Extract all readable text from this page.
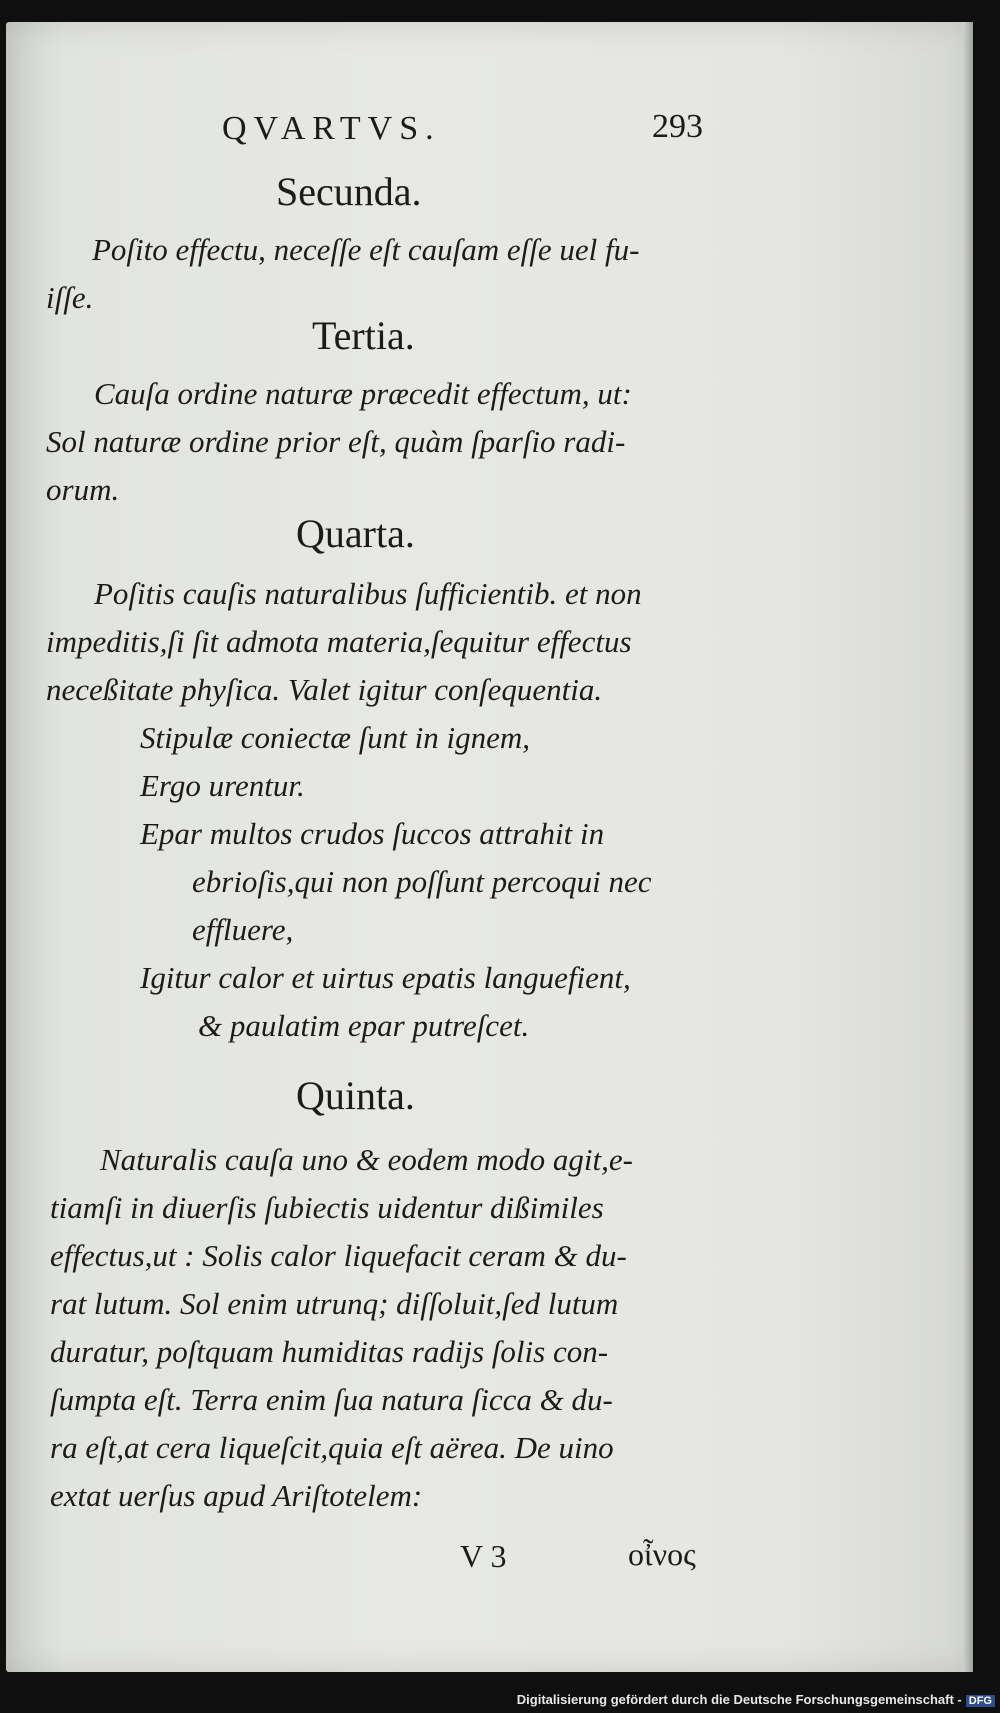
QVARTVS.	293
Secunda.
Poſito effectu, neceſſe eſt cauſam eſſe uel fu-
iſſe.
Tertia.
Cauſa ordine naturæ præcedit effectum, ut:
Sol naturæ ordine prior eſt, quàm ſparſio radi-
orum.
Quarta.
Poſitis cauſis naturalibus ſufficientib. et non
impeditis,ſi ſit admota materia,ſequitur effectus
neceßitate phyſica. Valet igitur conſequentia.
Stipulæ coniectæ ſunt in ignem,
Ergo urentur.
Epar multos crudos ſuccos attrahit in
ebrioſis,qui non poſſunt percoqui nec
effluere,
Igitur calor et uirtus epatis languefient,
& paulatim epar putreſcet.
Quinta.
Naturalis cauſa uno & eodem modo agit,e-
tiamſi in diuerſis ſubiectis uidentur dißimiles
effectus,ut : Solis calor liquefacit ceram & du-
rat lutum. Sol enim utrunq; diſſoluit,ſed lutum
duratur, poſtquam humiditas radijs ſolis con-
ſumpta eſt. Terra enim ſua natura ſicca & du-
ra eſt,at cera liqueſcit,quia eſt aërea. De uino
extat uerſus apud Ariſtotelem:
V 3	οἶνος
Digitalisierung gefördert durch die Deutsche Forschungsgemeinschaft - DFG
